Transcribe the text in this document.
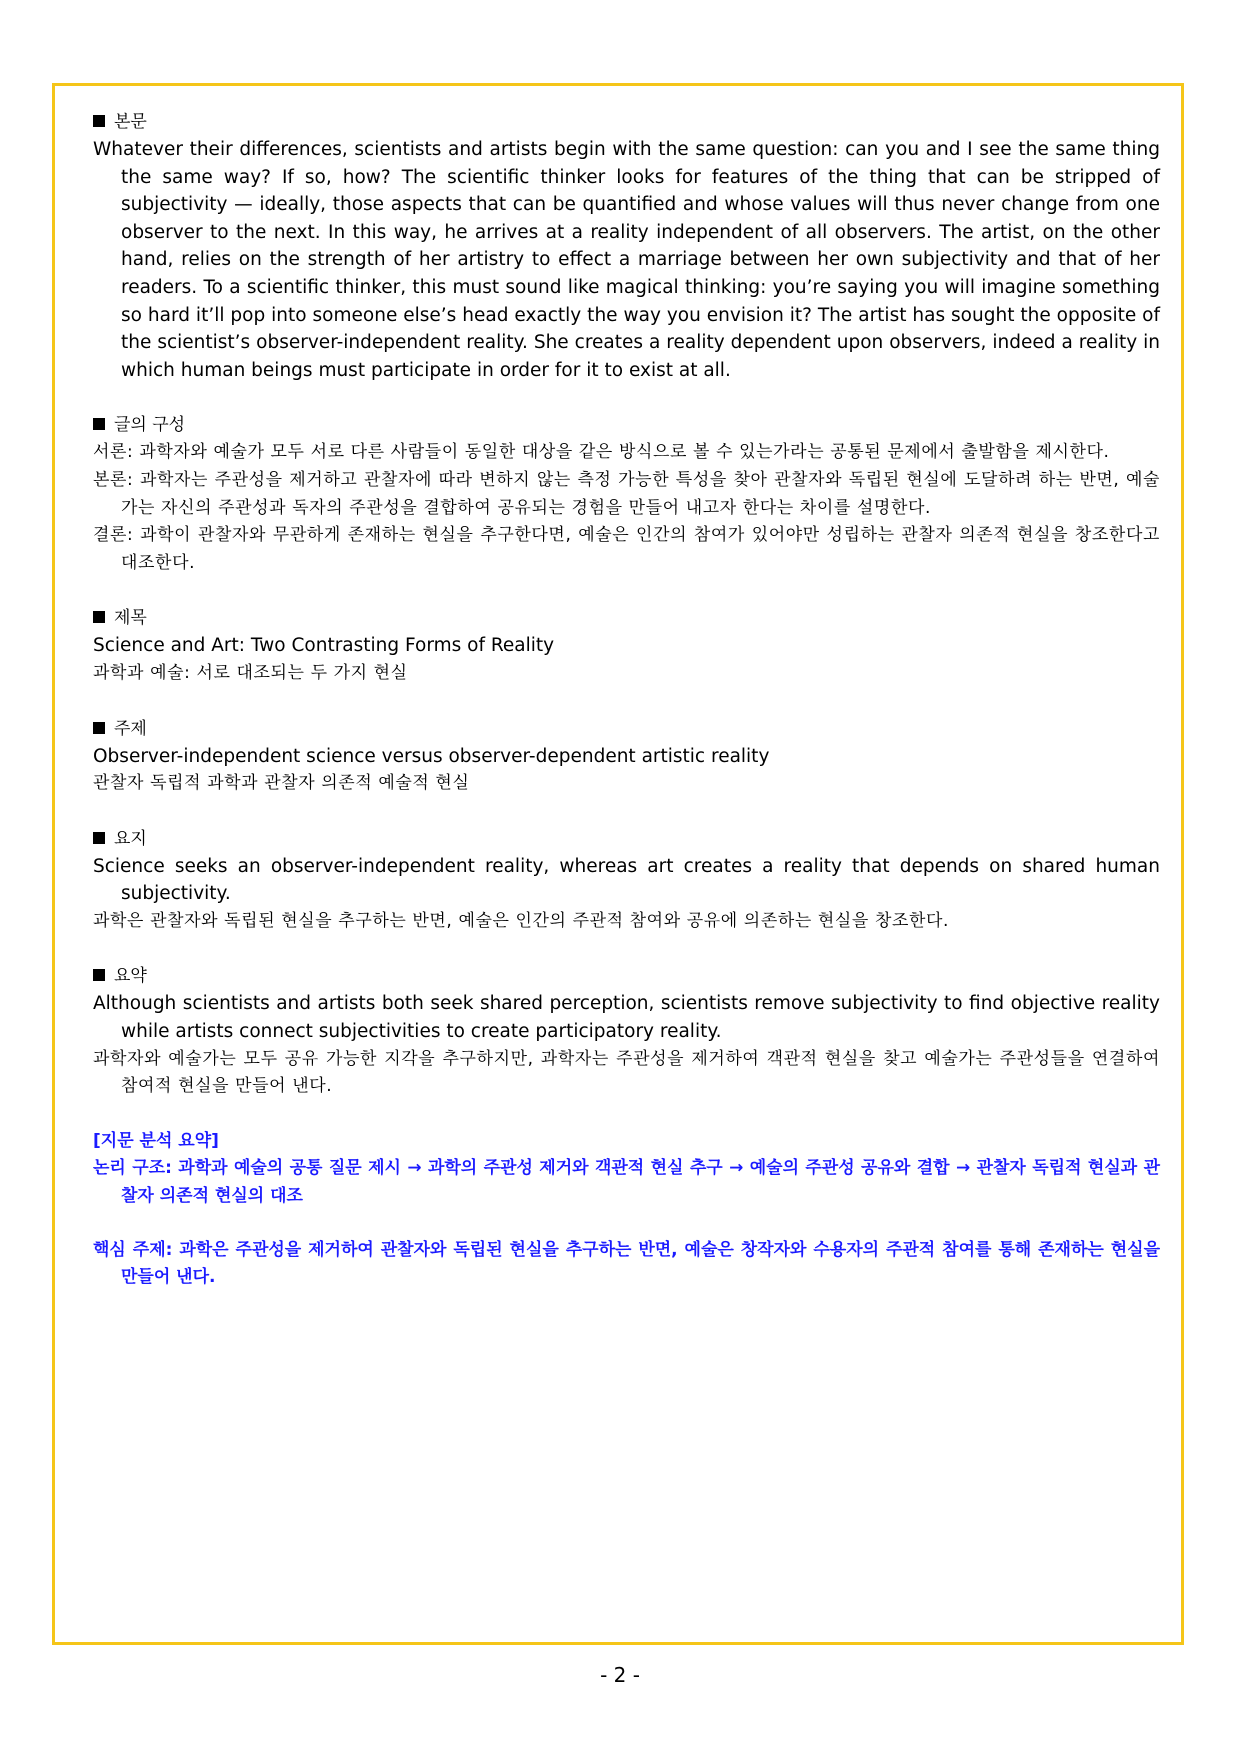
본문
Whatever their differences, scientists and artists begin with the same question: can you and I see the same thing the same way? If so, how? The scientific thinker looks for features of the thing that can be stripped of subjectivity — ideally, those aspects that can be quantified and whose values will thus never change from one observer to the next. In this way, he arrives at a reality independent of all observers. The artist, on the other hand, relies on the strength of her artistry to effect a marriage between her own subjectivity and that of her readers. To a scientific thinker, this must sound like magical thinking: you’re saying you will imagine something so hard it’ll pop into someone else’s head exactly the way you envision it? The artist has sought the opposite of the scientist’s observer-independent reality. She creates a reality dependent upon observers, indeed a reality in which human beings must participate in order for it to exist at all.
글의 구성
서론: 과학자와 예술가 모두 서로 다른 사람들이 동일한 대상을 같은 방식으로 볼 수 있는가라는 공통된 문제에서 출발함을 제시한다.
본론: 과학자는 주관성을 제거하고 관찰자에 따라 변하지 않는 측정 가능한 특성을 찾아 관찰자와 독립된 현실에 도달하려 하는 반면, 예술가는 자신의 주관성과 독자의 주관성을 결합하여 공유되는 경험을 만들어 내고자 한다는 차이를 설명한다.
결론: 과학이 관찰자와 무관하게 존재하는 현실을 추구한다면, 예술은 인간의 참여가 있어야만 성립하는 관찰자 의존적 현실을 창조한다고 대조한다.
제목
Science and Art: Two Contrasting Forms of Reality
과학과 예술: 서로 대조되는 두 가지 현실
주제
Observer-independent science versus observer-dependent artistic reality
관찰자 독립적 과학과 관찰자 의존적 예술적 현실
요지
Science seeks an observer-independent reality, whereas art creates a reality that depends on shared human subjectivity.
과학은 관찰자와 독립된 현실을 추구하는 반면, 예술은 인간의 주관적 참여와 공유에 의존하는 현실을 창조한다.
요약
Although scientists and artists both seek shared perception, scientists remove subjectivity to find objective reality while artists connect subjectivities to create participatory reality.
과학자와 예술가는 모두 공유 가능한 지각을 추구하지만, 과학자는 주관성을 제거하여 객관적 현실을 찾고 예술가는 주관성들을 연결하여 참여적 현실을 만들어 낸다.
[지문 분석 요약]
논리 구조: 과학과 예술의 공통 질문 제시 → 과학의 주관성 제거와 객관적 현실 추구 → 예술의 주관성 공유와 결합 → 관찰자 독립적 현실과 관찰자 의존적 현실의 대조
핵심 주제: 과학은 주관성을 제거하여 관찰자와 독립된 현실을 추구하는 반면, 예술은 창작자와 수용자의 주관적 참여를 통해 존재하는 현실을 만들어 낸다.
- 2 -
